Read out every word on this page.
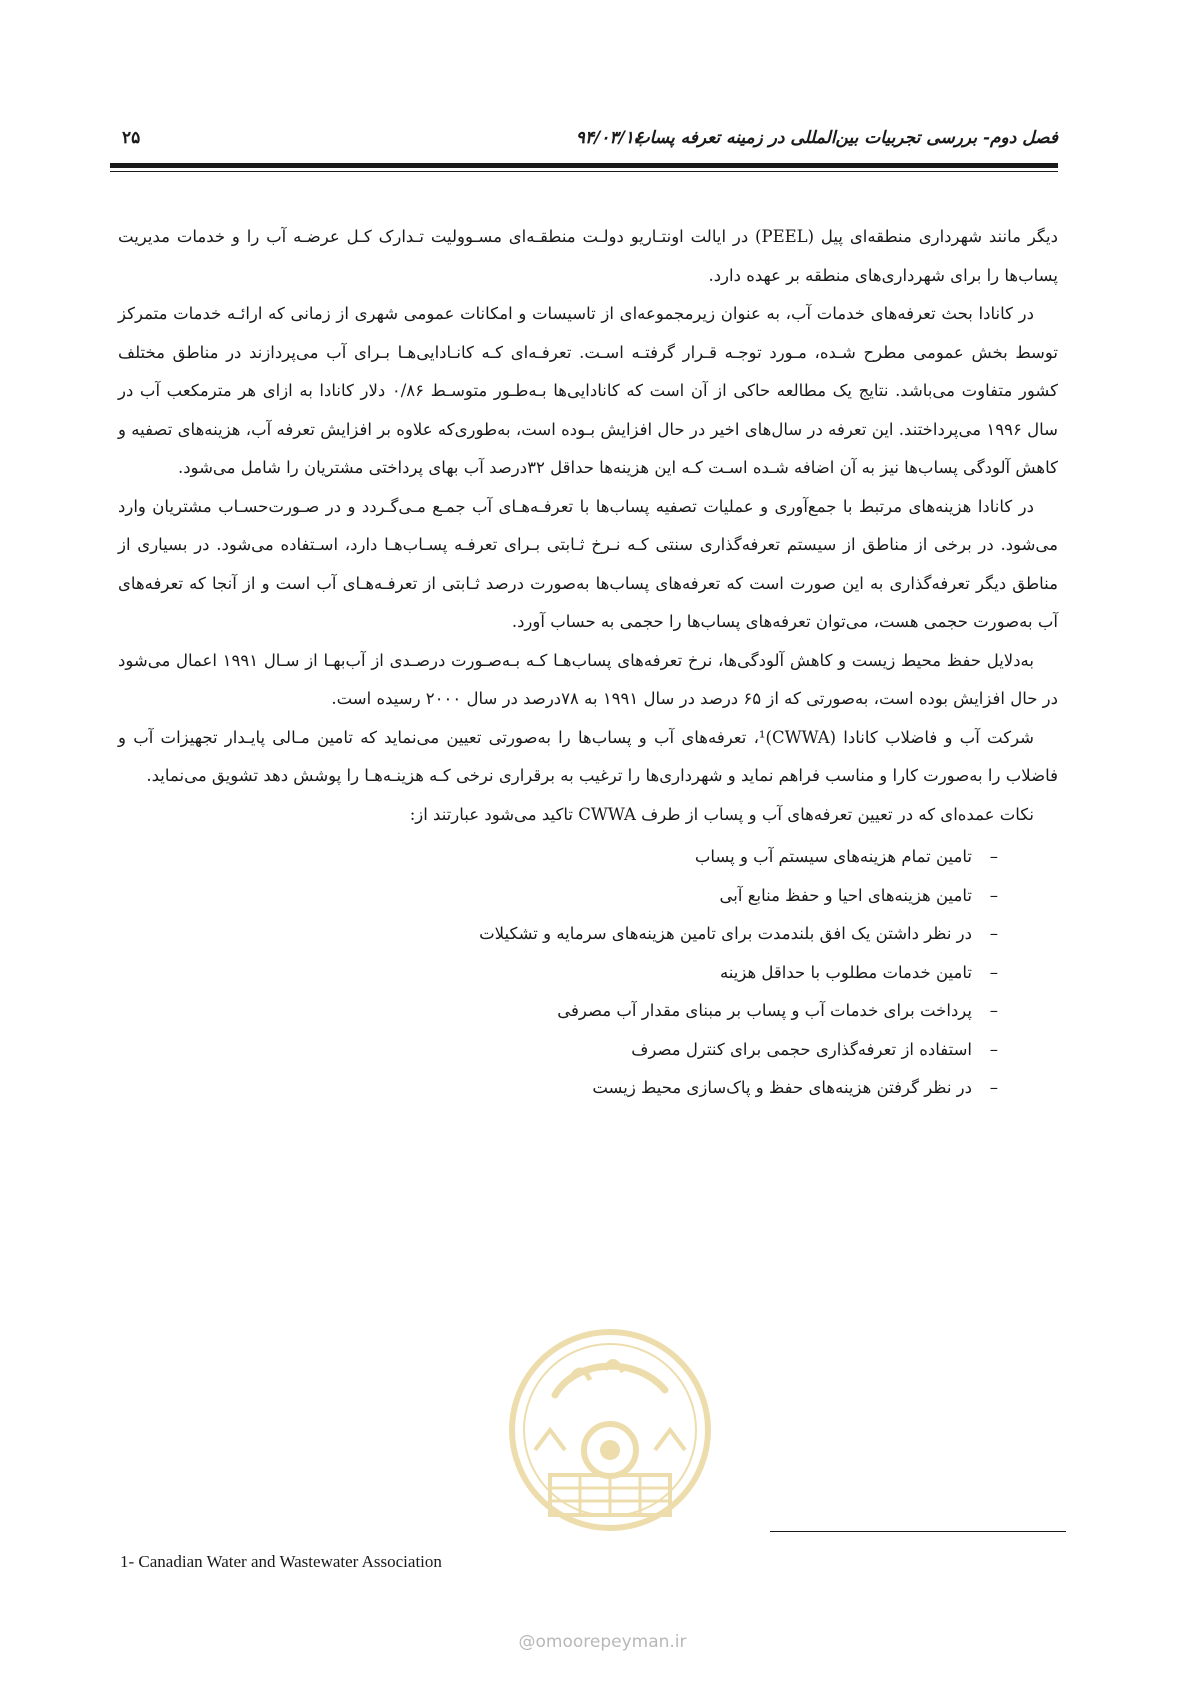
فصل دوم- بررسی تجربیات بین‌المللی در زمینه تعرفه پساب
۹۴/۰۳/۱۶
۲۵

دیگر مانند شهرداری منطقه‌ای پیل (PEEL) در ایالت اونتـاریو دولـت منطقـه‌ای مسـوولیت تـدارک کـل عرضـه آب را و خدمات مدیریت پساب‌ها را برای شهرداری‌های منطقه بر عهده دارد.

در کانادا بحث تعرفه‌های خدمات آب، به عنوان زیرمجموعه‌ای از تاسیسات و امکانات عمومی شهری از زمانی که ارائـه خدمات متمرکز توسط بخش عمومی مطرح شـده، مـورد توجـه قـرار گرفتـه اسـت. تعرفـه‌ای کـه کانـادایی‌هـا بـرای آب می‌پردازند در مناطق مختلف کشور متفاوت می‌باشد. نتایج یک مطالعه حاکی از آن است که کانادایی‌ها بـه‌طـور متوسـط ۰/۸۶ دلار کانادا به ازای هر مترمکعب آب در سال ۱۹۹۶ می‌پرداختند. این تعرفه در سال‌های اخیر در حال افزایش بـوده است، به‌طوری‌که علاوه بر افزایش تعرفه آب، هزینه‌های تصفیه و کاهش آلودگی پساب‌ها نیز به آن اضافه شـده اسـت کـه این هزینه‌ها حداقل ۳۲درصد آب بهای پرداختی مشتریان را شامل می‌شود.

در کانادا هزینه‌های مرتبط با جمع‌آوری و عملیات تصفیه پساب‌ها با تعرفـه‌هـای آب جمـع مـی‌گـردد و در صـورت‌حسـاب مشتریان وارد می‌شود. در برخی از مناطق از سیستم تعرفه‌گذاری سنتی کـه نـرخ ثـابتی بـرای تعرفـه پسـاب‌هـا دارد، اسـتفاده می‌شود. در بسیاری از مناطق دیگر تعرفه‌گذاری به این صورت است که تعرفه‌های پساب‌ها به‌صورت درصد ثـابتی از تعرفـه‌هـای آب است و از آنجا که تعرفه‌های آب به‌صورت حجمی هست، می‌توان تعرفه‌های پساب‌ها را حجمی به حساب آورد.

به‌دلایل حفظ محیط زیست و کاهش آلودگی‌ها، نرخ تعرفه‌های پساب‌هـا کـه بـه‌صـورت درصـدی از آب‌بهـا از سـال ۱۹۹۱ اعمال می‌شود در حال افزایش بوده است، به‌صورتی که از ۶۵ درصد در سال ۱۹۹۱ به ۷۸درصد در سال ۲۰۰۰ رسیده است.

شرکت آب و فاضلاب کانادا (CWWA)¹، تعرفه‌های آب و پساب‌ها را به‌صورتی تعیین می‌نماید که تامین مـالی پایـدار تجهیزات آب و فاضلاب را به‌صورت کارا و مناسب فراهم نماید و شهرداری‌ها را ترغیب به برقراری نرخی کـه هزینـه‌هـا را پوشش دهد تشویق می‌نماید.

نکات عمده‌ای که در تعیین تعرفه‌های آب و پساب از طرف CWWA تاکید می‌شود عبارتند از:

–
تامین تمام هزینه‌های سیستم آب و پساب
–
تامین هزینه‌های احیا و حفظ منابع آبی
–
در نظر داشتن یک افق بلندمدت برای تامین هزینه‌های سرمایه و تشکیلات
–
تامین خدمات مطلوب با حداقل هزینه
–
پرداخت برای خدمات آب و پساب بر مبنای مقدار آب مصرفی
–
استفاده از تعرفه‌گذاری حجمی برای کنترل مصرف
–
در نظر گرفتن هزینه‌های حفظ و پاک‌سازی محیط زیست
@omoorepeyman.ir
1- Canadian Water and Wastewater Association
